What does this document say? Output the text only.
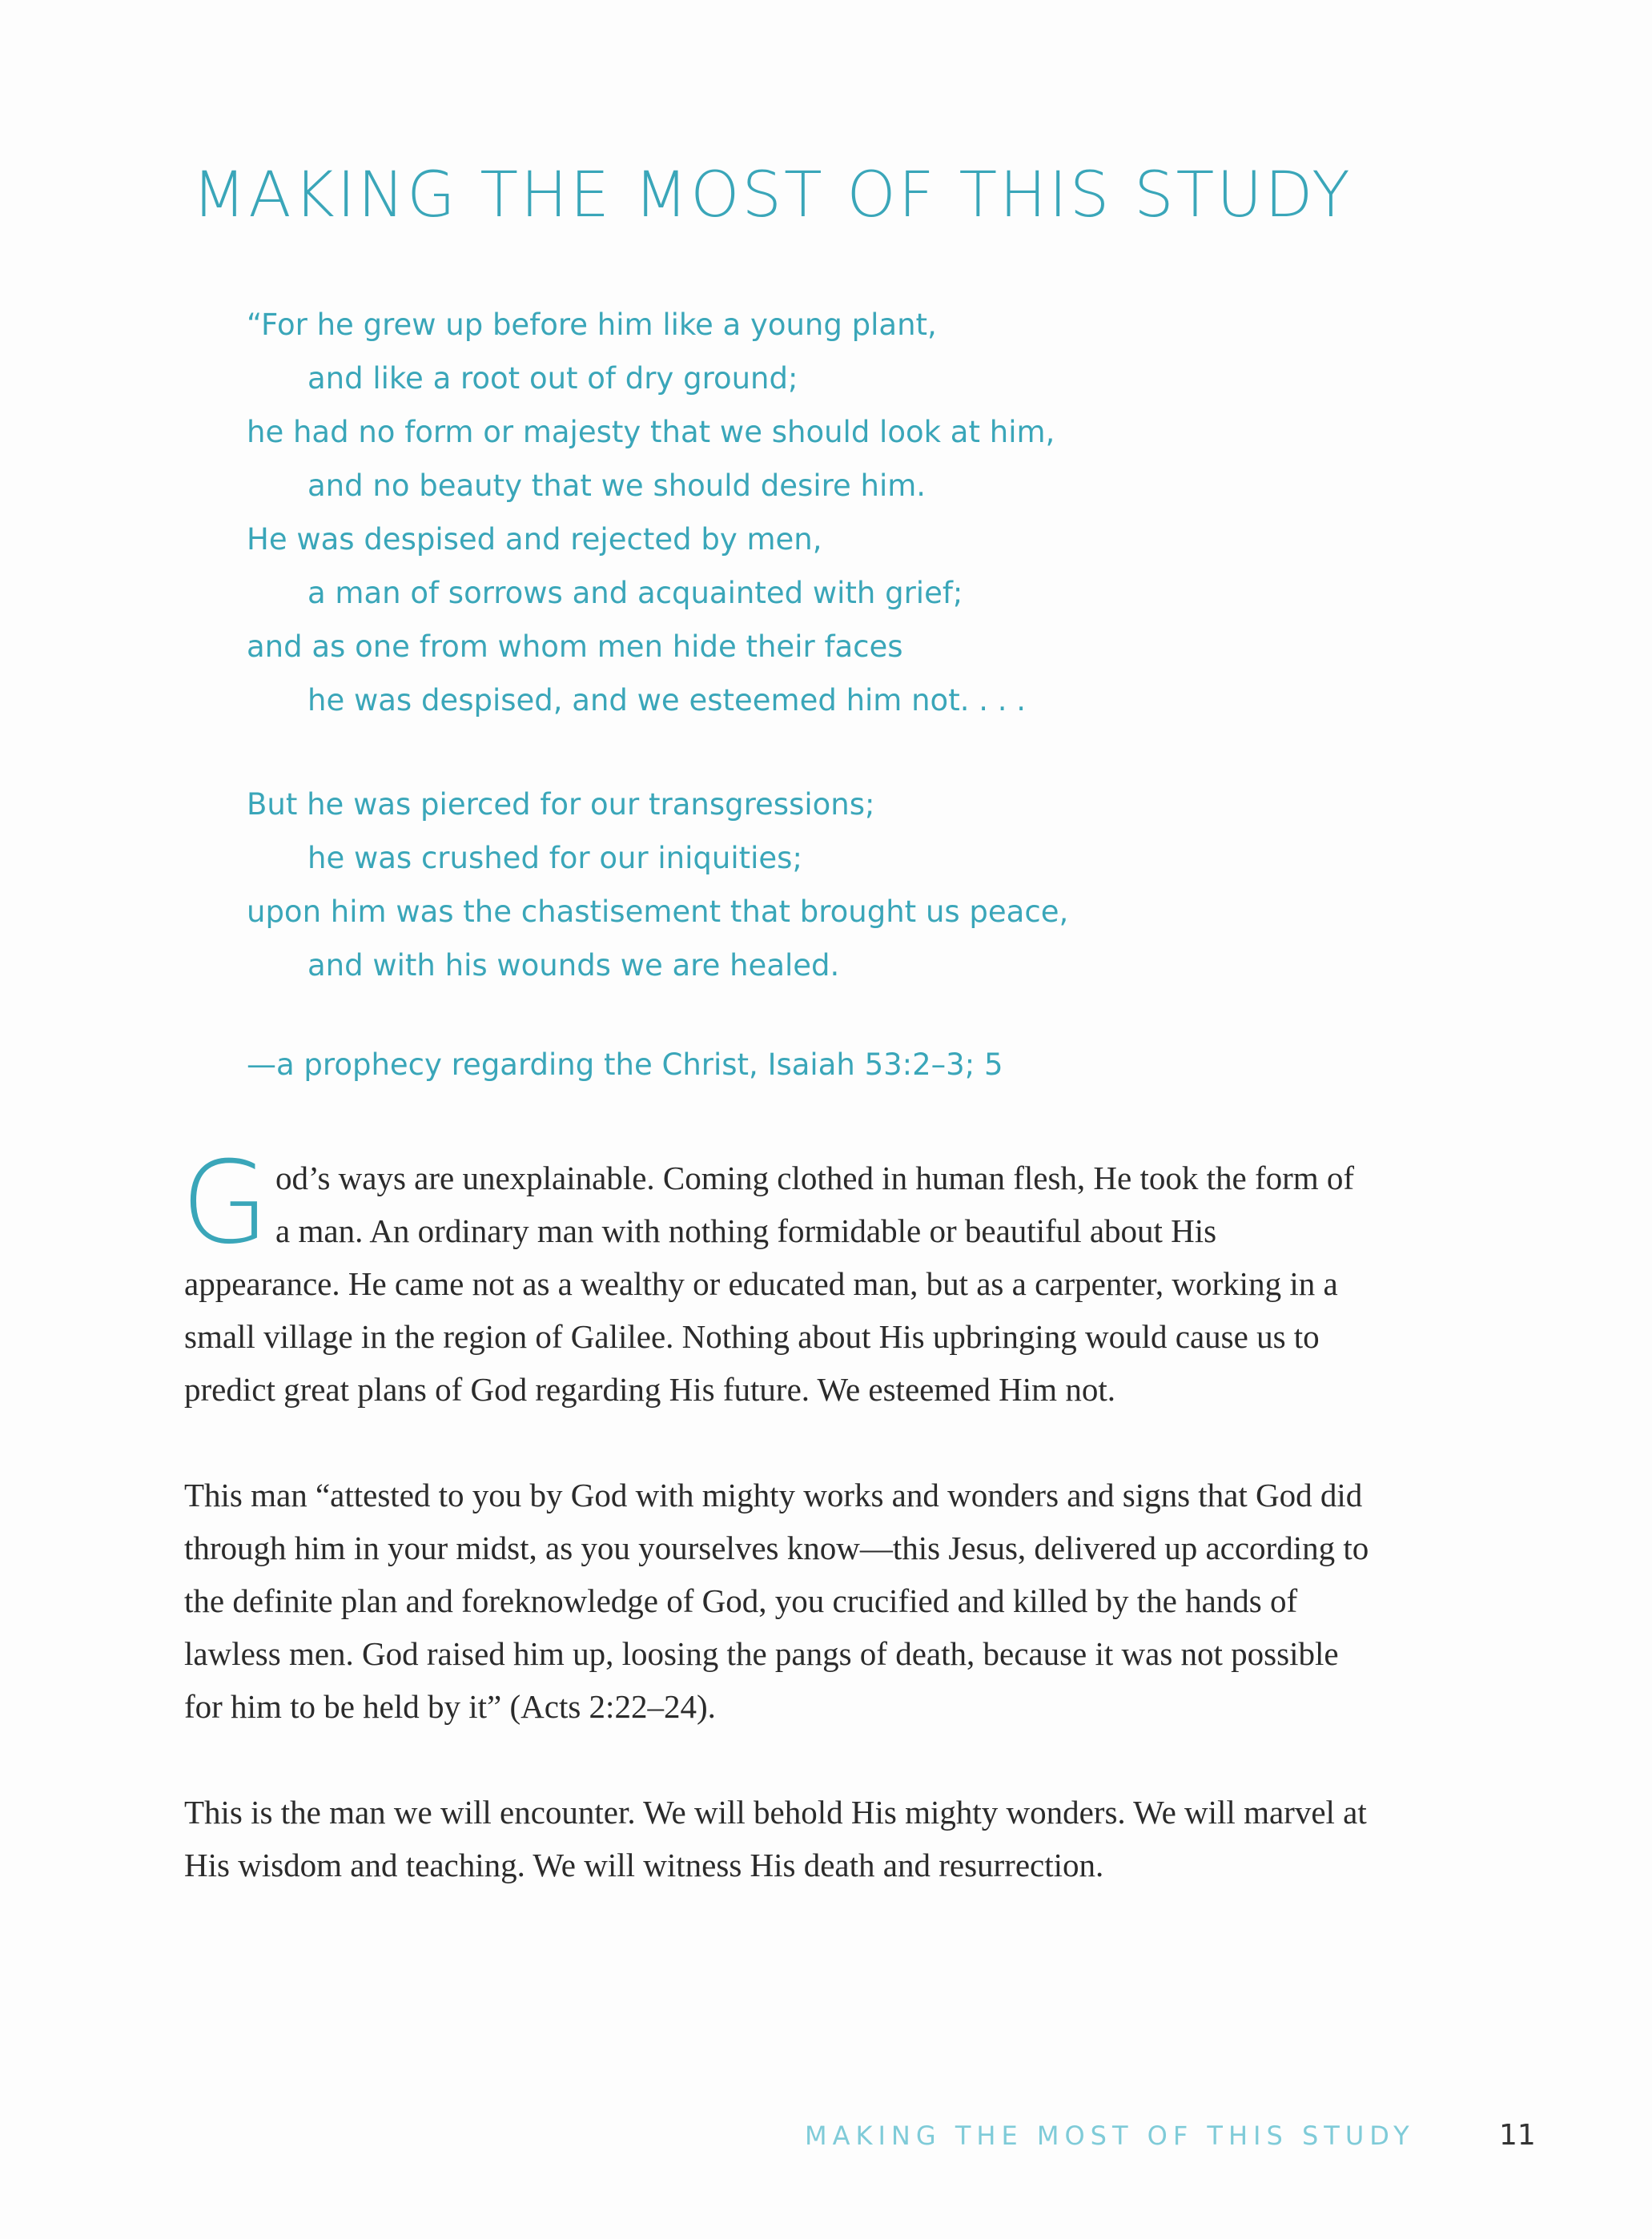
MAKING THE MOST OF THIS STUDY
“For he grew up before him like a young plant,
and like a root out of dry ground;
he had no form or majesty that we should look at him,
and no beauty that we should desire him.
He was despised and rejected by men,
a man of sorrows and acquainted with grief;
and as one from whom men hide their faces
he was despised, and we esteemed him not. . . .
But he was pierced for our transgressions;
he was crushed for our iniquities;
upon him was the chastisement that brought us peace,
and with his wounds we are healed.
—a prophecy regarding the Christ, Isaiah 53:2–3; 5

God’s ways are unexplainable. Coming clothed in human flesh, He took the form of a man. An ordinary man with nothing formidable or beautiful about His appearance. He came not as a wealthy or educated man, but as a carpenter, working in a small village in the region of Galilee. Nothing about His upbringing would cause us to predict great plans of God regarding His future. We esteemed Him not.

This man “attested to you by God with mighty works and wonders and signs that God did through him in your midst, as you yourselves know—this Jesus, delivered up according to the definite plan and foreknowledge of God, you crucified and killed by the hands of lawless men. God raised him up, loosing the pangs of death, because it was not possible for him to be held by it” (Acts 2:22–24).

This is the man we will encounter. We will behold His mighty wonders. We will marvel at His wisdom and teaching. We will witness His death and resurrection.

MAKING THE MOST OF THIS STUDY	11
